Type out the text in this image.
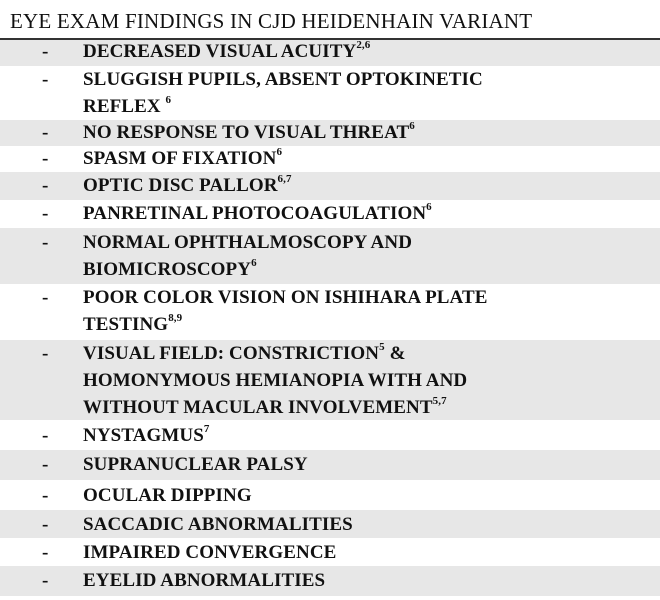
EYE EXAM FINDINGS IN CJD HEIDENHAIN VARIANT
- DECREASED VISUAL ACUITY$^{2,6}$
- SLUGGISH PUPILS, ABSENT OPTOKINETIC
REFLEX $^6$
- NO RESPONSE TO VISUAL THREAT$^6$
- SPASM OF FIXATION$^6$
- OPTIC DISC PALLOR$^{6,7}$
- PANRETINAL PHOTOCOAGULATION$^6$
- NORMAL OPHTHALMOSCOPY AND
BIOMICROSCOPY$^6$
- POOR COLOR VISION ON ISHIHARA PLATE
TESTING$^{8,9}$
- VISUAL FIELD: CONSTRICTION$^5$ &
HOMONYMOUS HEMIANOPIA WITH AND
WITHOUT MACULAR INVOLVEMENT$^{5,7}$
- NYSTAGMUS$^7$
- SUPRANUCLEAR PALSY
- OCULAR DIPPING
- SACCADIC ABNORMALITIES
- IMPAIRED CONVERGENCE
- EYELID ABNORMALITIES
